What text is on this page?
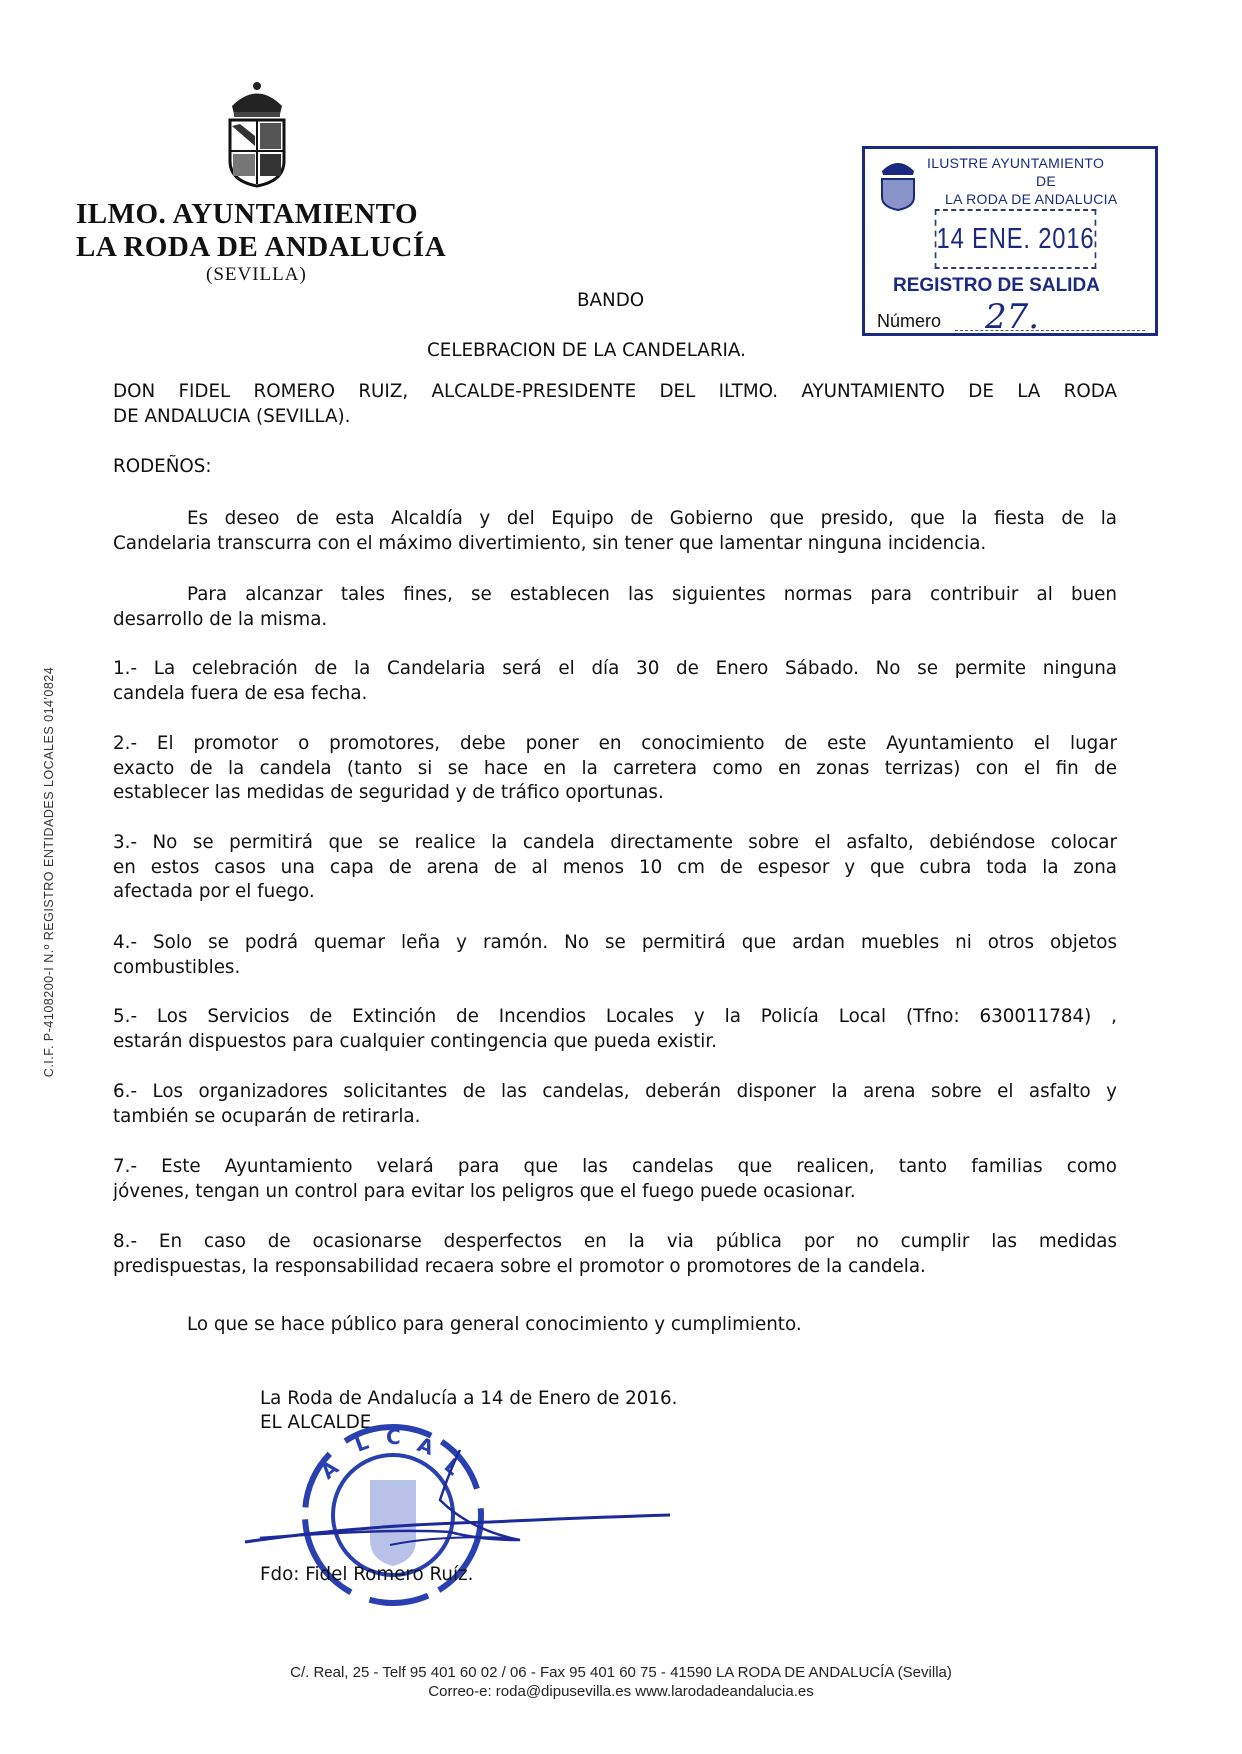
ILMO. AYUNTAMIENTO
LA RODA DE ANDALUCÍA
(SEVILLA)
ILUSTRE AYUNTAMIENTO
DE
LA RODA DE ANDALUCIA
14 ENE. 2016
REGISTRO DE SALIDA
Número 27.
BANDO
CELEBRACION DE LA CANDELARIA.
DON FIDEL ROMERO RUIZ, ALCALDE-PRESIDENTE DEL ILTMO. AYUNTAMIENTO DE LA RODA
DE ANDALUCIA (SEVILLA).
RODEÑOS:
Es deseo de esta Alcaldía y del Equipo de Gobierno que presido, que la fiesta de la
Candelaria transcurra con el máximo divertimiento, sin tener que lamentar ninguna incidencia.
Para alcanzar tales fines, se establecen las siguientes normas para contribuir al buen
desarrollo de la misma.
1.- La celebración de la Candelaria será el día 30 de Enero Sábado. No se permite ninguna
candela fuera de esa fecha.
2.- El promotor o promotores, debe poner en conocimiento de este Ayuntamiento el lugar
exacto de la candela (tanto si se hace en la carretera como en zonas terrizas) con el fin de
establecer las medidas de seguridad y de tráfico oportunas.
3.- No se permitirá que se realice la candela directamente sobre el asfalto, debiéndose colocar
en estos casos una capa de arena de al menos 10 cm de espesor y que cubra toda la zona
afectada por el fuego.
4.- Solo se podrá quemar leña y ramón. No se permitirá que ardan muebles ni otros objetos
combustibles.
5.- Los Servicios de Extinción de Incendios Locales y la Policía Local (Tfno: 630011784) ,
estarán dispuestos para cualquier contingencia que pueda existir.
6.- Los organizadores solicitantes de las candelas, deberán disponer la arena sobre el asfalto y
también se ocuparán de retirarla.
7.- Este Ayuntamiento velará para que las candelas que realicen, tanto familias como
jóvenes, tengan un control para evitar los peligros que el fuego puede ocasionar.
8.- En caso de ocasionarse desperfectos en la via pública por no cumplir las medidas
predispuestas, la responsabilidad recaera sobre el promotor o promotores de la candela.
Lo que se hace público para general conocimiento y cumplimiento.
La Roda de Andalucía a 14 de Enero de 2016.
EL ALCALDE
A
L C A
L
Fdo: Fidel Romero Ruíz.
C.I.F. P-4108200-I N.º REGISTRO ENTIDADES LOCALES 014'0824
C/. Real, 25 - Telf 95 401 60 02 / 06 - Fax 95 401 60 75 - 41590 LA RODA DE ANDALUCÍA (Sevilla)
Correo-e: roda@dipusevilla.es www.larodadeandalucia.es
